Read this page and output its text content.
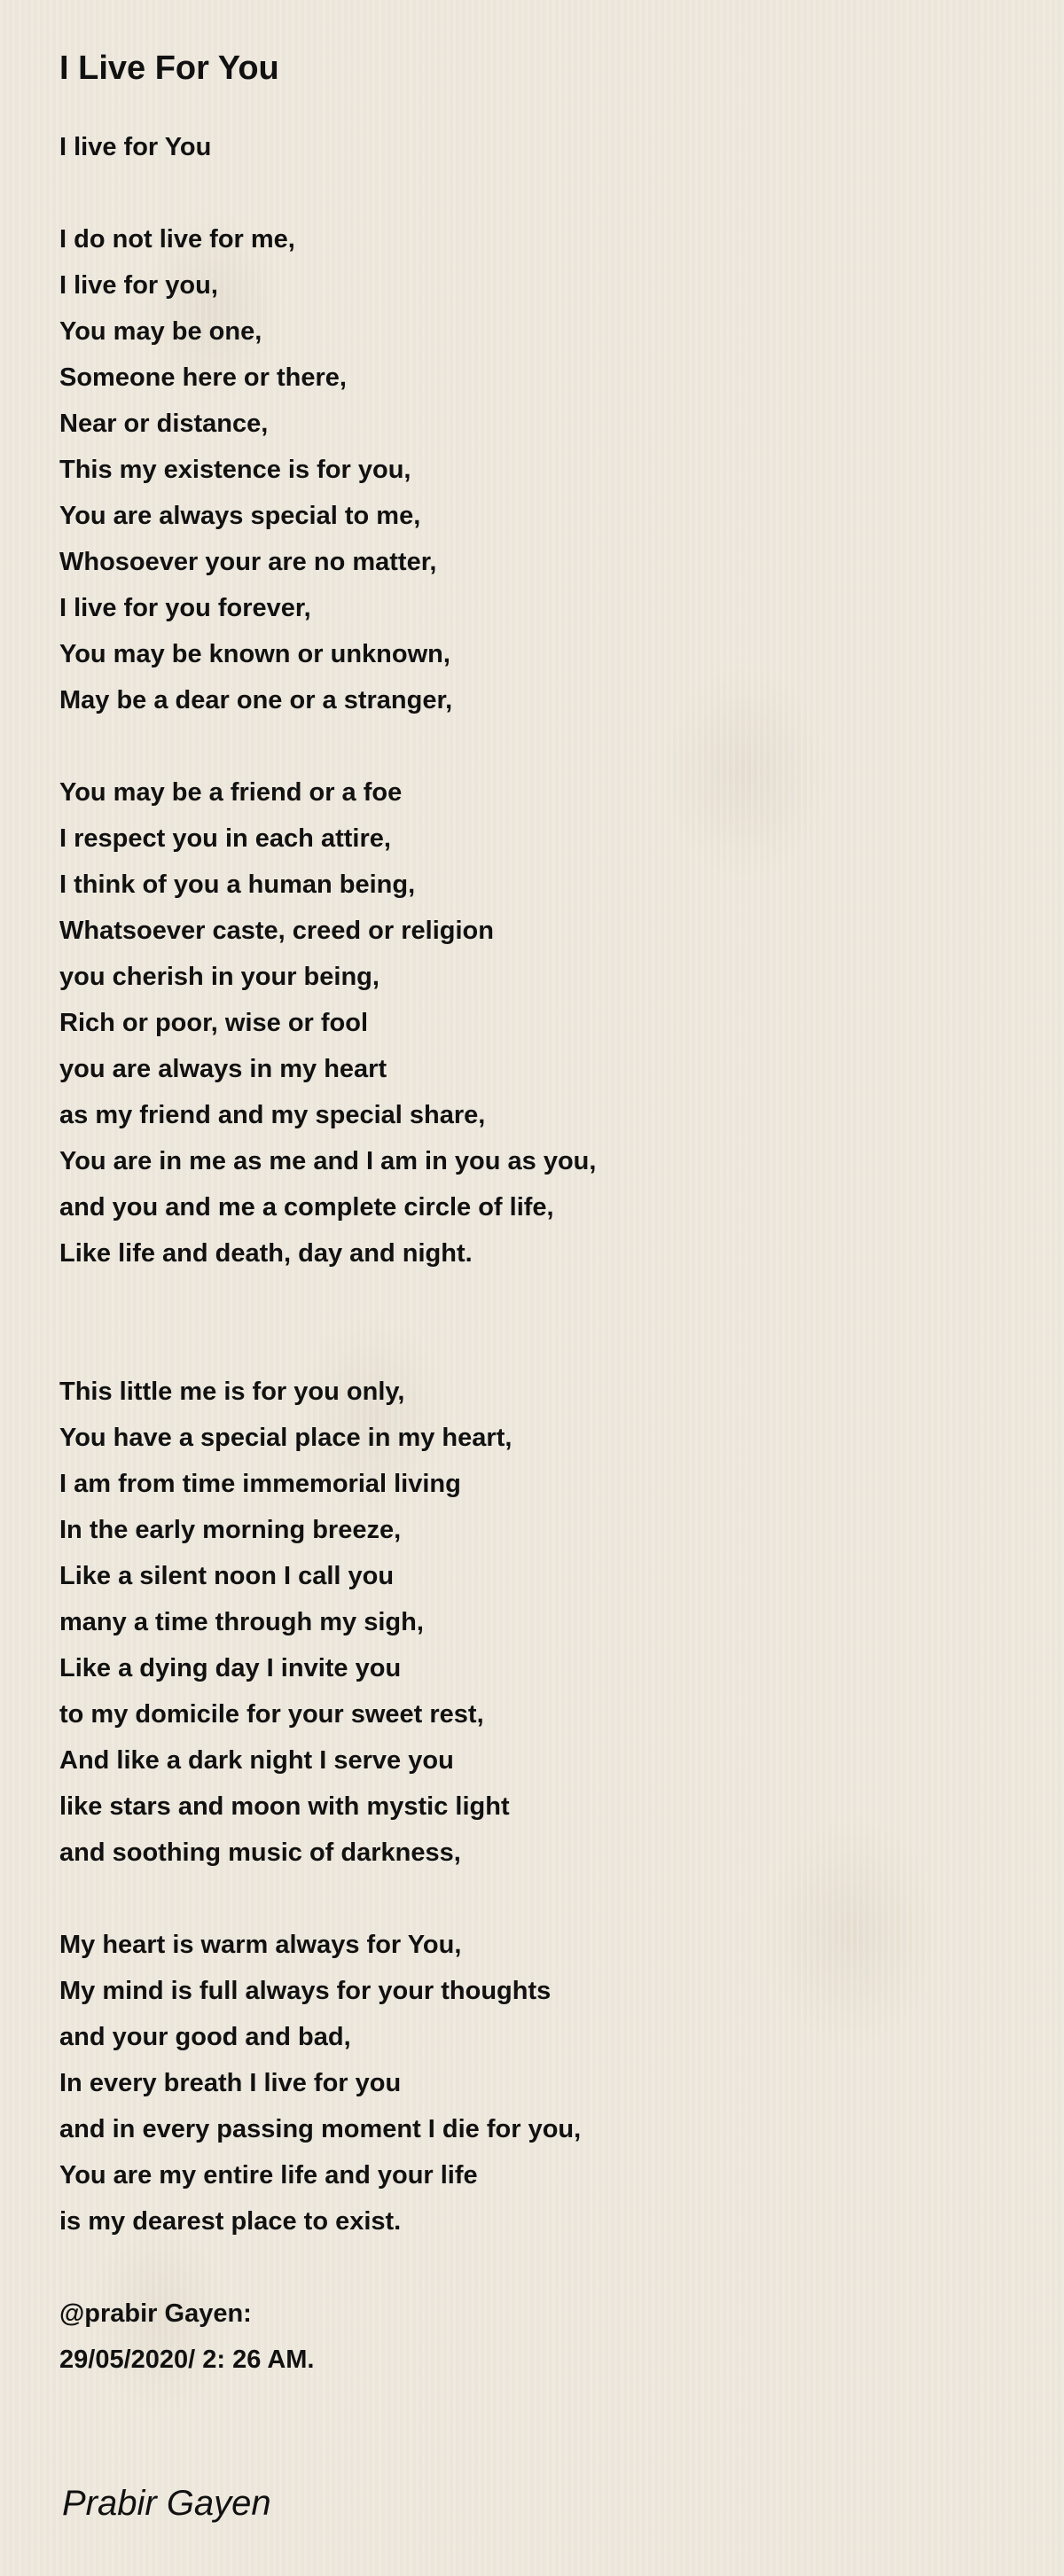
I Live For You
I live for You
I do not live for me,
I live for you,
You may be one,
Someone here or there,
Near or distance,
This my existence is for you,
You are always special to me,
Whosoever your are no matter,
I live for you forever,
You may be known or unknown,
May be a dear one or a stranger,
You may be a friend or a foe
I respect you in each attire,
I think of you a human being,
Whatsoever caste, creed or religion
you cherish in your being,
Rich or poor, wise or fool
you are always in my heart
as my friend and my special share,
You are in me as me and I am in you as you,
and you and me a complete circle of life,
Like life and death, day and night.
This little me is for you only,
You have a special place in my heart,
I am from time immemorial living
In the early morning breeze,
Like a silent noon I call you
many a time through my sigh,
Like a dying day I invite you
to my domicile for your sweet rest,
And like a dark night I serve you
like stars and moon with mystic light
and soothing music of darkness,
My heart is warm always for You,
My mind is full always for your thoughts
and your good and bad,
In every breath I live for you
and in every passing moment I die for you,
You are my entire life and your life
is my dearest place to exist.
@prabir Gayen:
29/05/2020/ 2: 26 AM.
Prabir Gayen
